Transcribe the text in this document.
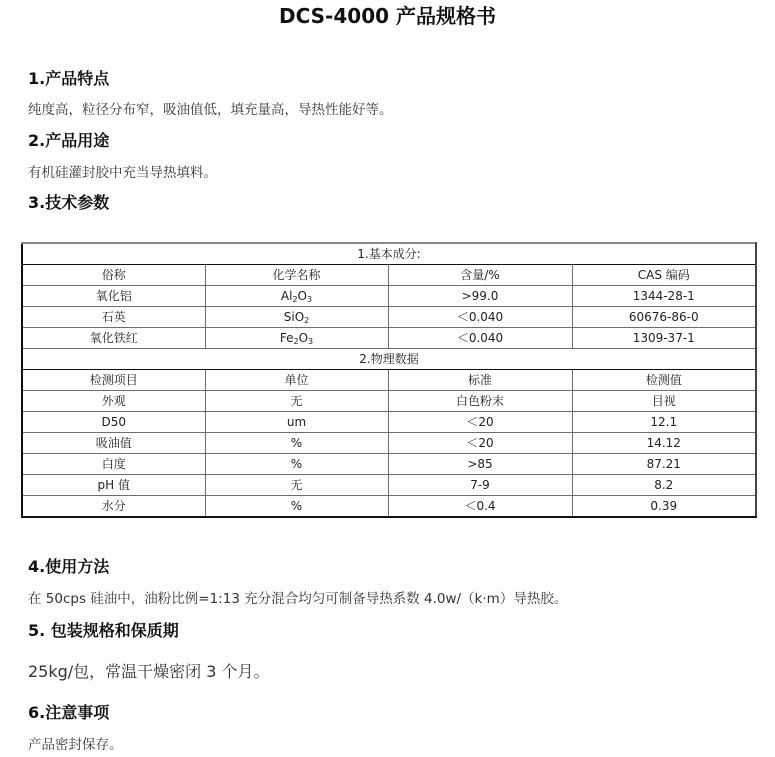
DCS-4000 产品规格书
1.产品特点
纯度高，粒径分布窄，吸油值低，填充量高，导热性能好等。
2.产品用途
有机硅灌封胶中充当导热填料。
3.技术参数
1.基本成分:			
俗称	化学名称	含量/%	CAS 编码
氧化铝	$Al_2O_3$	>99.0	1344-28-1
石英	SiO$_2$	＜0.040	60676-86-0
氧化铁红	$Fe_2O_3$	＜0.040	1309-37-1
2.物理数据			
检测项目	单位	标准	检测值
外观	无	白色粉末	目视
D50	um	＜20	12.1
吸油值	%	＜20	14.12
白度	%	>85	87.21
pH 值	无	7-9	8.2
水分	%	＜0.4	0.39
4.使用方法
在 50cps 硅油中，油粉比例=1:13 充分混合均匀可制备导热系数 4.0w/（k·m）导热胶。
5. 包装规格和保质期
25kg/包，常温干燥密闭 3 个月。
6.注意事项
产品密封保存。
